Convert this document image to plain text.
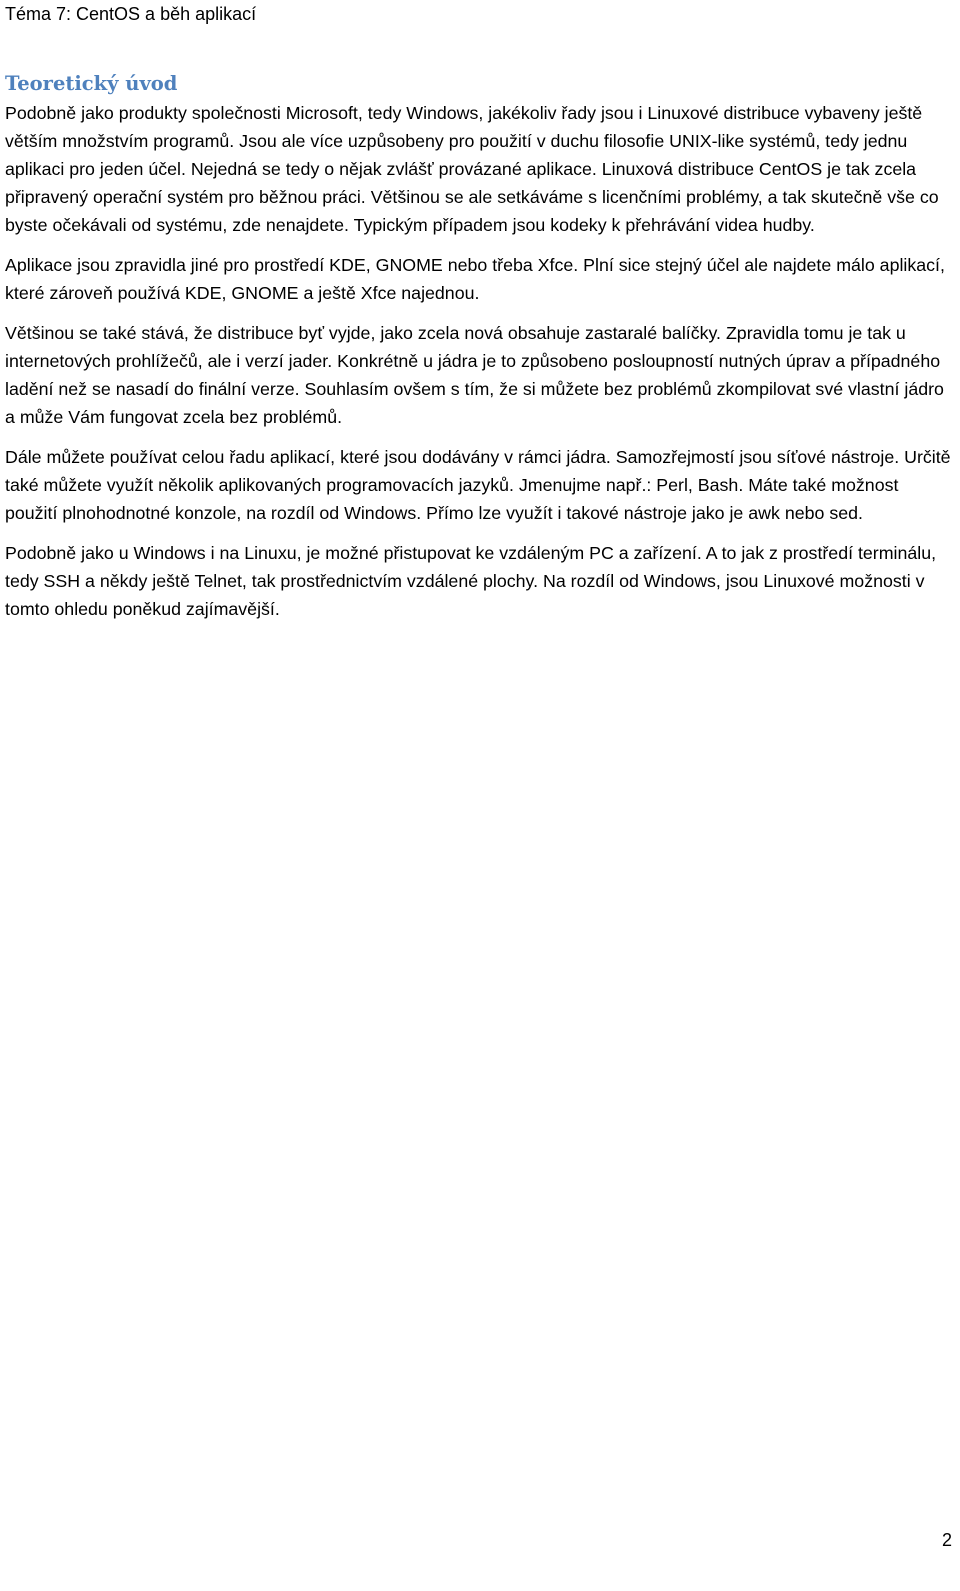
Téma 7: CentOS a běh aplikací
Teoretický úvod

Podobně jako produkty společnosti Microsoft, tedy Windows, jakékoliv řady jsou i Linuxové distribuce vybaveny ještě větším množstvím programů. Jsou ale více uzpůsobeny pro použití v duchu filosofie UNIX-like systémů, tedy jednu aplikaci pro jeden účel. Nejedná se tedy o nějak zvlášť provázané aplikace. Linuxová distribuce CentOS je tak zcela připravený operační systém pro běžnou práci. Většinou se ale setkáváme s licenčními problémy, a tak skutečně vše co byste očekávali od systému, zde nenajdete. Typickým případem jsou kodeky k přehrávání videa hudby.

Aplikace jsou zpravidla jiné pro prostředí KDE, GNOME nebo třeba Xfce. Plní sice stejný účel ale najdete málo aplikací, které zároveň používá KDE, GNOME a ještě Xfce najednou.

Většinou se také stává, že distribuce byť vyjde, jako zcela nová obsahuje zastaralé balíčky. Zpravidla tomu je tak u internetových prohlížečů, ale i verzí jader. Konkrétně u jádra je to způsobeno posloupností nutných úprav a případného ladění než se nasadí do finální verze. Souhlasím ovšem s tím, že si můžete bez problémů zkompilovat své vlastní jádro a může Vám fungovat zcela bez problémů.

Dále můžete používat celou řadu aplikací, které jsou dodávány v rámci jádra. Samozřejmostí jsou síťové nástroje. Určitě také můžete využít několik aplikovaných programovacích jazyků. Jmenujme např.: Perl, Bash. Máte také možnost použití plnohodnotné konzole, na rozdíl od Windows. Přímo lze využít i takové nástroje jako je awk nebo sed.

Podobně jako u Windows i na Linuxu, je možné přistupovat ke vzdáleným PC a zařízení. A to jak z prostředí terminálu, tedy SSH a někdy ještě Telnet, tak prostřednictvím vzdálené plochy. Na rozdíl od Windows, jsou Linuxové možnosti v tomto ohledu poněkud zajímavější.

2
